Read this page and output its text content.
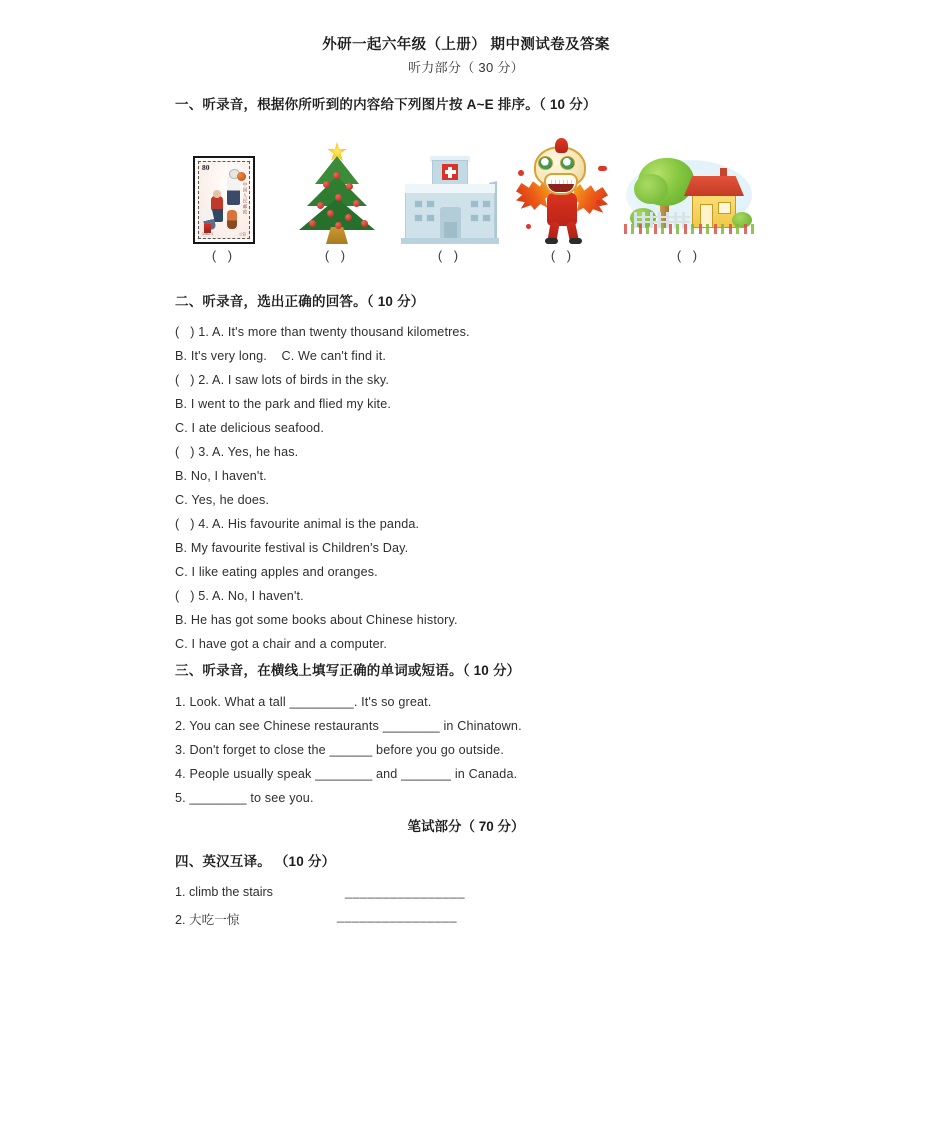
外研一起六年级（上册） 期中测试卷及答案
听力部分（ 30 分）
一、听录音，根据你所听到的内容给下列图片按 A~E 排序。（ 10 分）
80
中国人民邮政
1982-1	公益
( )	( )	( )	( )	( )
二、听录音，选出正确的回答。（ 10 分）
(   ) 1. A. It's more than twenty thousand kilometres.
B. It's very long.    C. We can't find it.
(   ) 2. A. I saw lots of birds in the sky.
B. I went to the park and flied my kite.
C. I ate delicious seafood.
(   ) 3. A. Yes, he has.
B. No, I haven't.
C. Yes, he does.
(   ) 4. A. His favourite animal is the panda.
B. My favourite festival is Children's Day.
C. I like eating apples and oranges.
(   ) 5. A. No, I haven't.
B. He has got some books about Chinese history.
C. I have got a chair and a computer.
三、听录音，在横线上填写正确的单词或短语。（ 10 分）
1. Look. What a tall _________. It's so great.
2. You can see Chinese restaurants ________ in Chinatown.
3. Don't forget to close the ______ before you go outside.
4. People usually speak ________ and _______ in Canada.
5. ________ to see you.
笔试部分（ 70 分）
四、英汉互译。 （10 分）
1. climb the stairs	________________
2. 大吃一惊	________________
